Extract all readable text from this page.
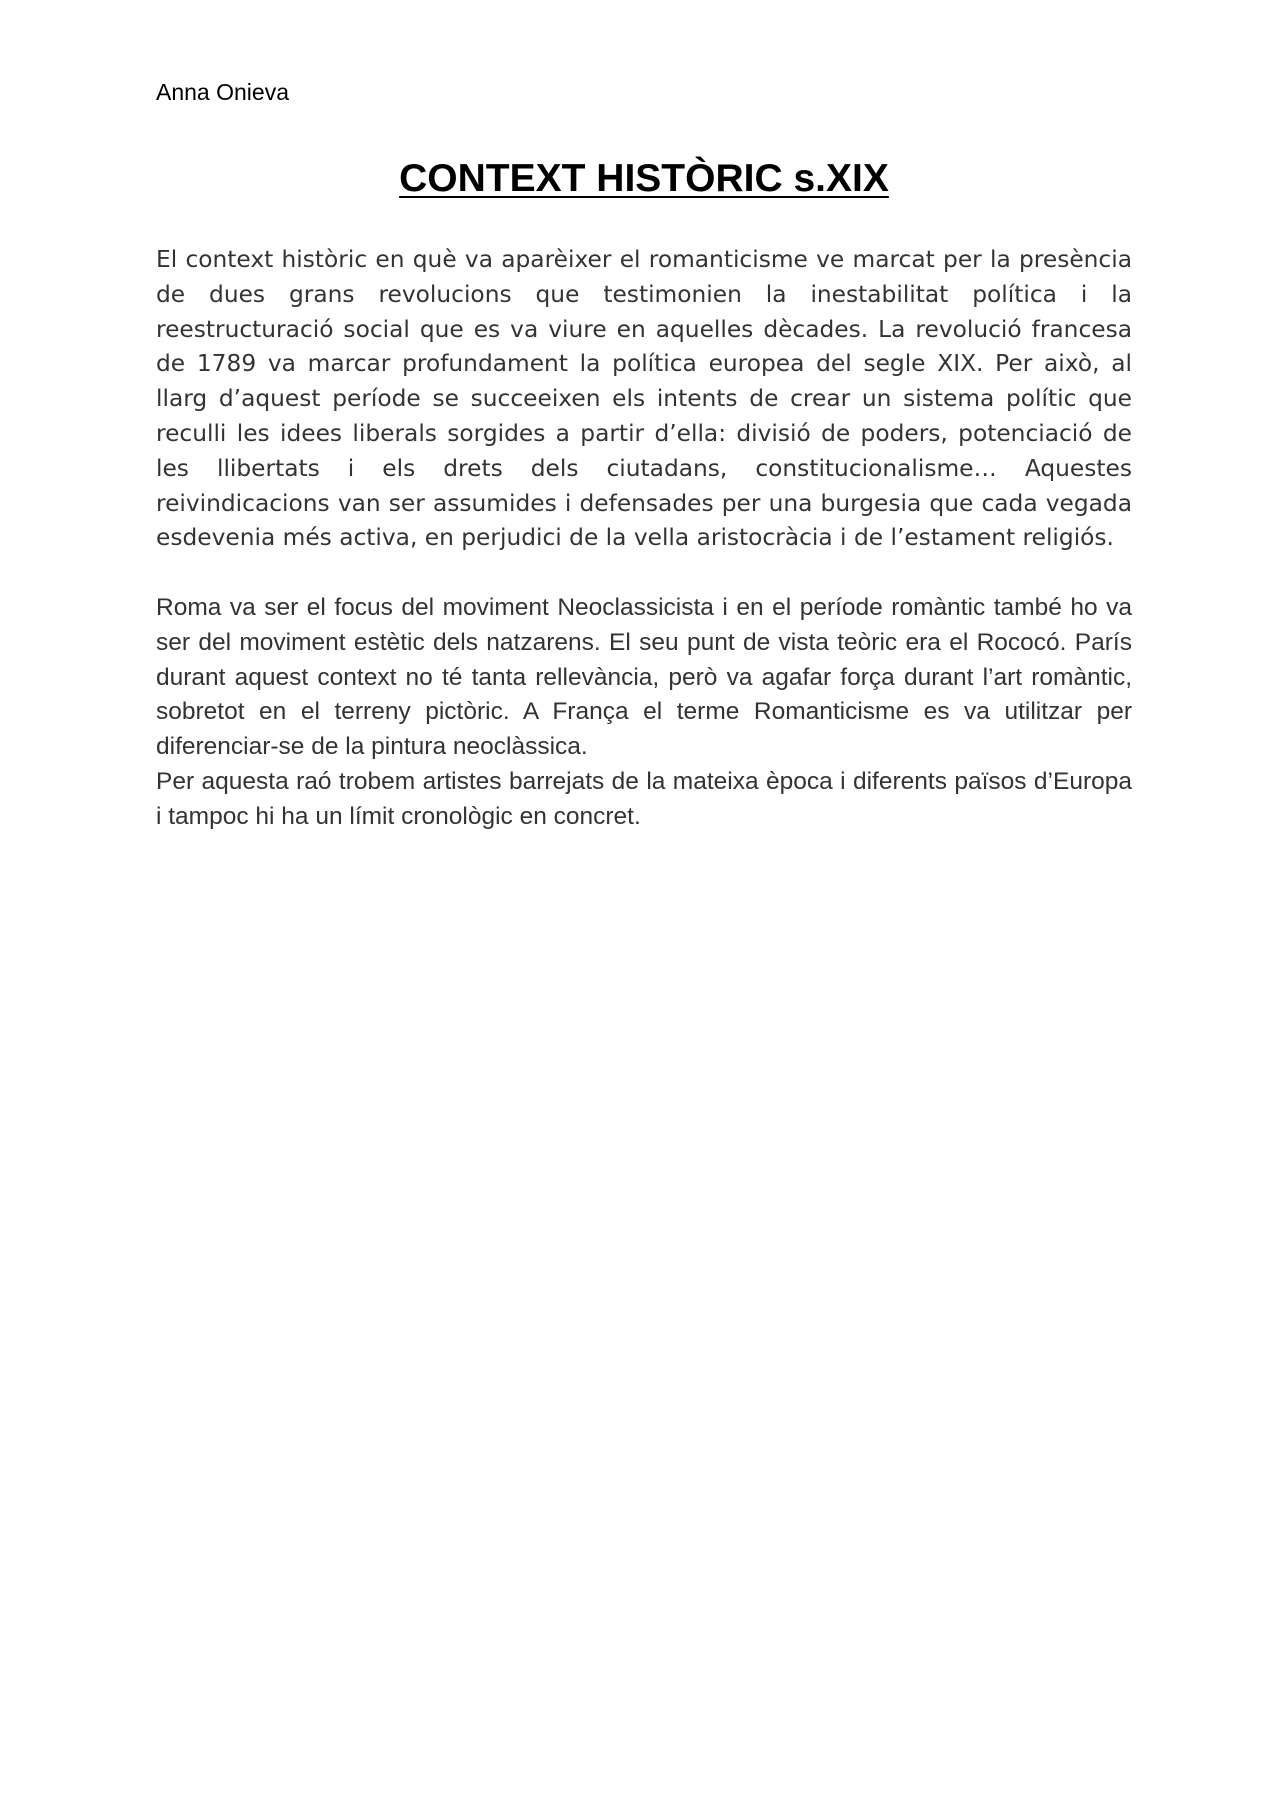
Anna Onieva

CONTEXT HISTÒRIC s.XIX

El context històric en què va aparèixer el romanticisme ve marcat per la presència de dues grans revolucions que testimonien la inestabilitat política i la reestructuració social que es va viure en aquelles dècades. La revolució francesa de 1789 va marcar profundament la política europea del segle XIX. Per això, al llarg d’aquest període se succeeixen els intents de crear un sistema polític que reculli les idees liberals sorgides a partir d’ella: divisió de poders, potenciació de les llibertats i els drets dels ciutadans, constitucionalisme… Aquestes reivindicacions van ser assumides i defensades per una burgesia que cada vegada esdevenia més activa, en perjudici de la vella aristocràcia i de l’estament religiós.

Roma va ser el focus del moviment Neoclassicista i en el període romàntic també ho va ser del moviment estètic dels natzarens. El seu punt de vista teòric era el Rococó. París durant aquest context no té tanta rellevància, però va agafar força durant l’art romàntic, sobretot en el terreny pictòric. A França el terme Romanticisme es va utilitzar per diferenciar-se de la pintura neoclàssica.

Per aquesta raó trobem artistes barrejats de la mateixa època i diferents països d’Europa i tampoc hi ha un límit cronològic en concret.
